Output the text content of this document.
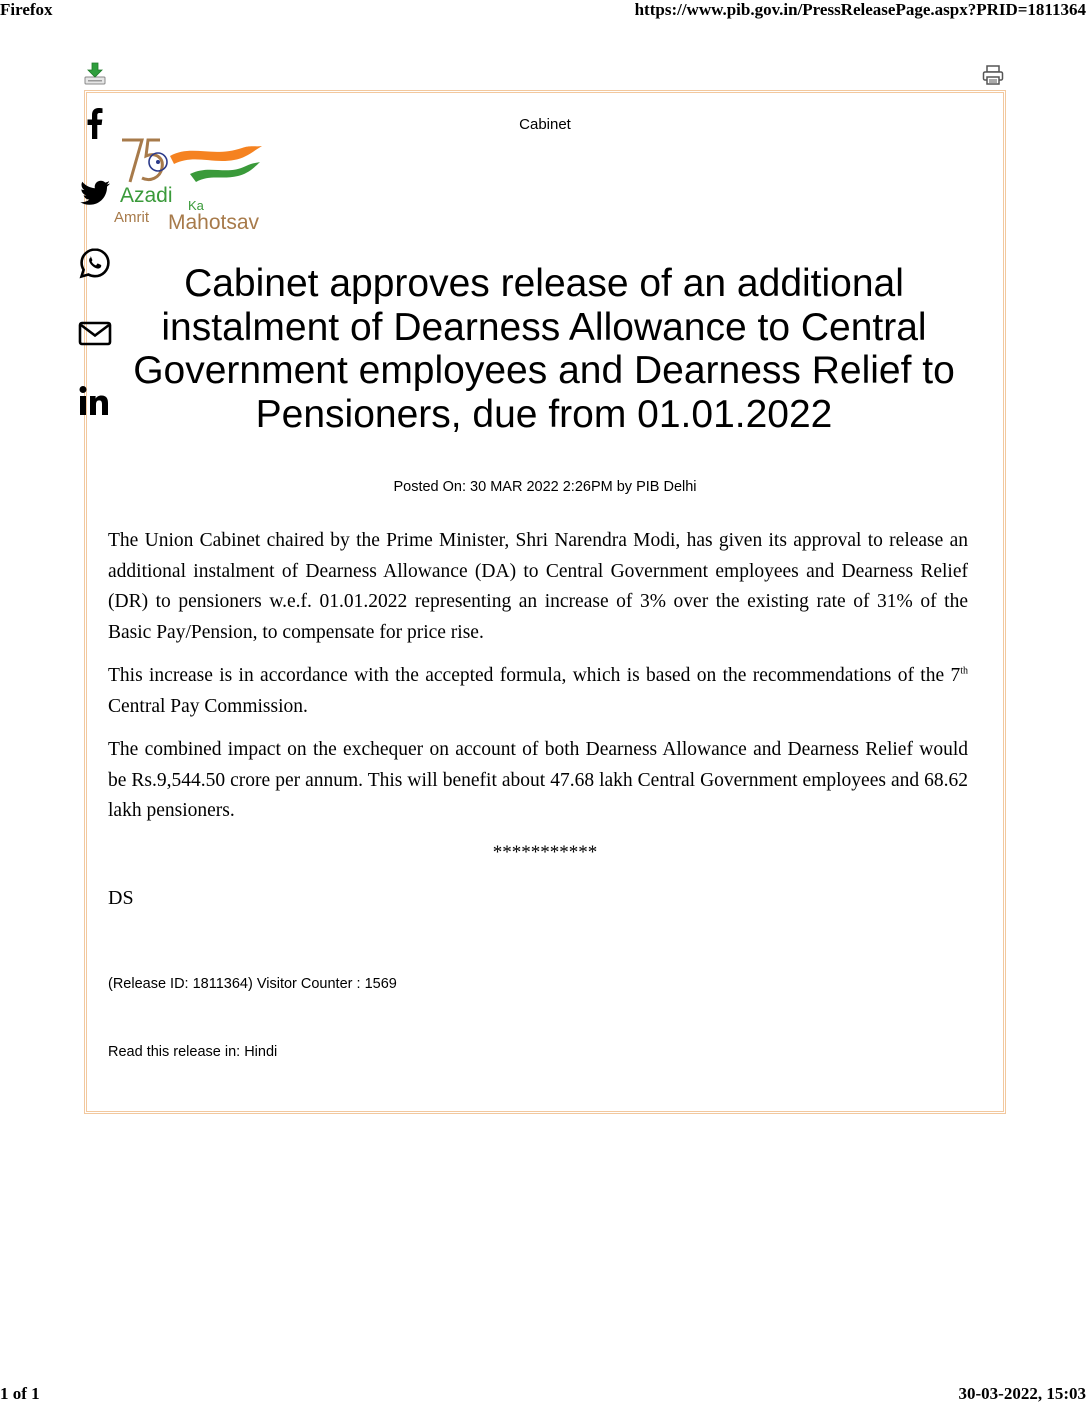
Firefox	https://www.pib.gov.in/PressReleasePage.aspx?PRID=1811364
1 of 1	30-03-2022, 15:03
Cabinet
Azadi Ka
Amrit Mahotsav
Cabinet approves release of an additional
instalment of Dearness Allowance to Central
Government employees and Dearness Relief to
Pensioners, due from 01.01.2022
Posted On: 30 MAR 2022 2:26PM by PIB Delhi

The Union Cabinet chaired by the Prime Minister, Shri Narendra Modi, has given its approval to release an additional instalment of Dearness Allowance (DA) to Central Government employees and Dearness Relief (DR) to pensioners w.e.f. 01.01.2022 representing an increase of 3% over the existing rate of 31% of the Basic Pay/Pension, to compensate for price rise.

This increase is in accordance with the accepted formula, which is based on the recommendations of the 7th Central Pay Commission.

The combined impact on the exchequer on account of both Dearness Allowance and Dearness Relief would be Rs.9,544.50 crore per annum. This will benefit about 47.68 lakh Central Government employees and 68.62 lakh pensioners.

***********
DS
(Release ID: 1811364) Visitor Counter : 1569
Read this release in: Hindi
